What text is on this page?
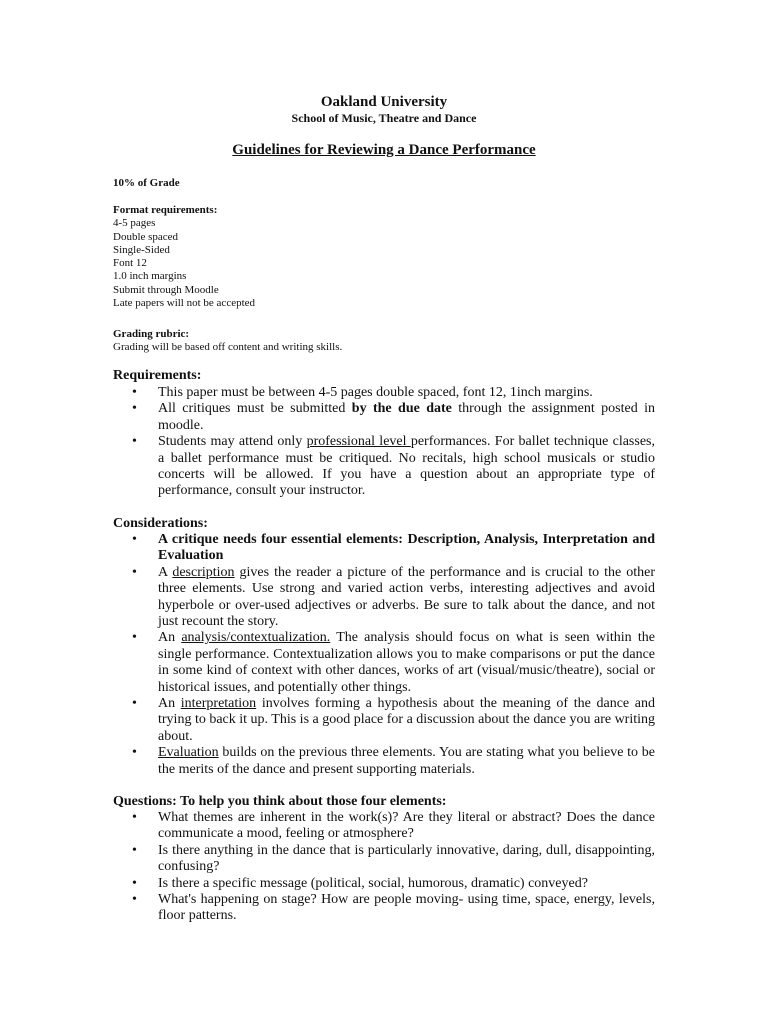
Oakland University
School of Music, Theatre and Dance
Guidelines for Reviewing a Dance Performance
10% of Grade
Format requirements:
4-5 pages
Double spaced
Single-Sided
Font 12
1.0 inch margins
Submit through Moodle
Late papers will not be accepted
Grading rubric:
Grading will be based off content and writing skills.
Requirements:
• This paper must be between 4-5 pages double spaced, font 12, 1inch margins.
• All critiques must be submitted by the due date through the assignment posted in moodle.
• Students may attend only professional level performances. For ballet technique classes, a ballet performance must be critiqued. No recitals, high school musicals or studio concerts will be allowed. If you have a question about an appropriate type of performance, consult your instructor.
Considerations:
• A critique needs four essential elements: Description, Analysis, Interpretation and Evaluation
• A description gives the reader a picture of the performance and is crucial to the other three elements. Use strong and varied action verbs, interesting adjectives and avoid hyperbole or over-used adjectives or adverbs. Be sure to talk about the dance, and not just recount the story.
• An analysis/contextualization. The analysis should focus on what is seen within the single performance. Contextualization allows you to make comparisons or put the dance in some kind of context with other dances, works of art (visual/music/theatre), social or historical issues, and potentially other things.
• An interpretation involves forming a hypothesis about the meaning of the dance and trying to back it up. This is a good place for a discussion about the dance you are writing about.
• Evaluation builds on the previous three elements. You are stating what you believe to be the merits of the dance and present supporting materials.
Questions: To help you think about those four elements:
• What themes are inherent in the work(s)? Are they literal or abstract? Does the dance communicate a mood, feeling or atmosphere?
• Is there anything in the dance that is particularly innovative, daring, dull, disappointing, confusing?
• Is there a specific message (political, social, humorous, dramatic) conveyed?
• What's happening on stage? How are people moving- using time, space, energy, levels, floor patterns.
